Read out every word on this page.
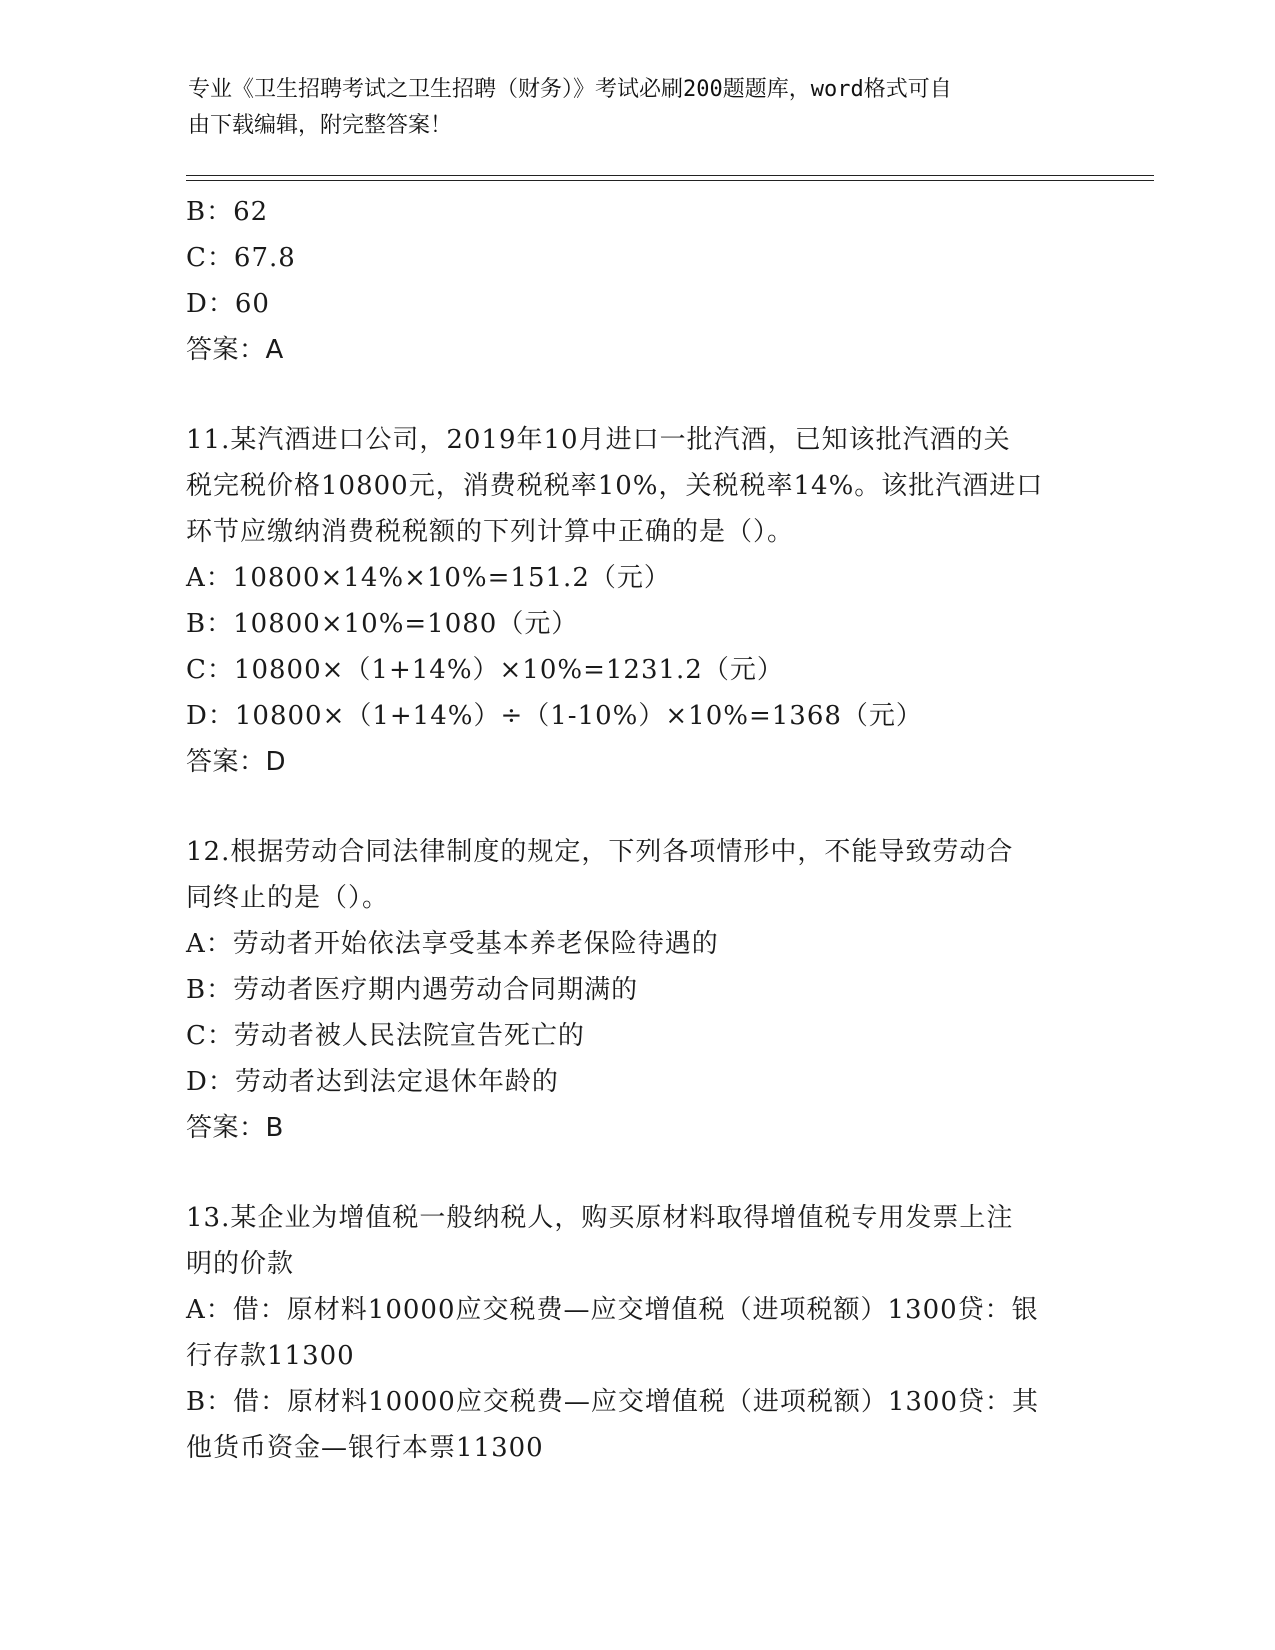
专业《卫生招聘考试之卫生招聘（财务）》考试必刷200题题库，word格式可自
由下载编辑，附完整答案！
B：62
C：67.8
D：60
答案：A
11.某汽酒进口公司，2019年10月进口一批汽酒，已知该批汽酒的关
税完税价格10800元，消费税税率10%，关税税率14%。该批汽酒进口
环节应缴纳消费税税额的下列计算中正确的是（）。
A：10800×14%×10%=151.2（元）
B：10800×10%=1080（元）
C：10800×（1+14%）×10%=1231.2（元）
D：10800×（1+14%）÷（1-10%）×10%=1368（元）
答案：D
12.根据劳动合同法律制度的规定，下列各项情形中，不能导致劳动合
同终止的是（）。
A：劳动者开始依法享受基本养老保险待遇的
B：劳动者医疗期内遇劳动合同期满的
C：劳动者被人民法院宣告死亡的
D：劳动者达到法定退休年龄的
答案：B
13.某企业为增值税一般纳税人，购买原材料取得增值税专用发票上注
明的价款
A：借：原材料10000应交税费—应交增值税（进项税额）1300贷：银
行存款11300
B：借：原材料10000应交税费—应交增值税（进项税额）1300贷：其
他货币资金—银行本票11300
